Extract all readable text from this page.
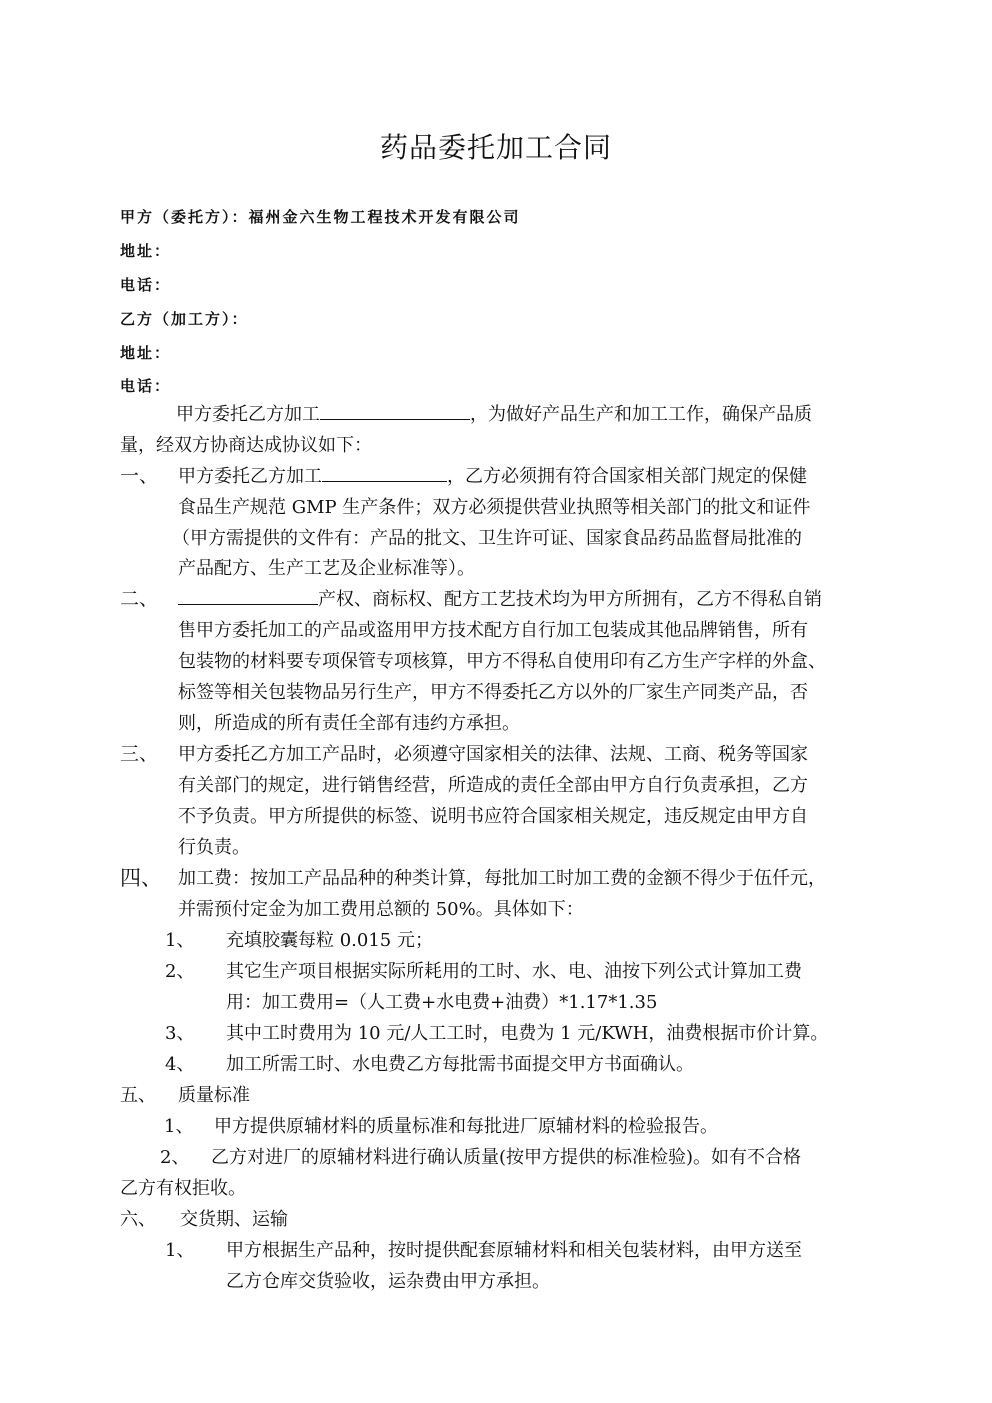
药品委托加工合同
甲方（委托方）：福州金六生物工程技术开发有限公司
地址：
电话：
乙方（加工方）：
地址：
电话：
甲方委托乙方加工	，为做好产品生产和加工工作，确保产品质
量，经双方协商达成协议如下：
一、 甲方委托乙方加工	，乙方必须拥有符合国家相关部门规定的保健
食品生产规范 GMP 生产条件；双方必须提供营业执照等相关部门的批文和证件
（甲方需提供的文件有：产品的批文、卫生许可证、国家食品药品监督局批准的
产品配方、生产工艺及企业标准等）。
二、	产权、商标权、配方工艺技术均为甲方所拥有，乙方不得私自销
售甲方委托加工的产品或盗用甲方技术配方自行加工包装成其他品牌销售，所有
包装物的材料要专项保管专项核算，甲方不得私自使用印有乙方生产字样的外盒、
标签等相关包装物品另行生产，甲方不得委托乙方以外的厂家生产同类产品，否
则，所造成的所有责任全部有违约方承担。
三、 甲方委托乙方加工产品时，必须遵守国家相关的法律、法规、工商、税务等国家
有关部门的规定，进行销售经营，所造成的责任全部由甲方自行负责承担，乙方
不予负责。甲方所提供的标签、说明书应符合国家相关规定，违反规定由甲方自
行负责。
四、 加工费：按加工产品品种的种类计算，每批加工时加工费的金额不得少于伍仟元，
并需预付定金为加工费用总额的 50%。具体如下：
1、 充填胶囊每粒 0.015 元；
2、 其它生产项目根据实际所耗用的工时、水、电、油按下列公式计算加工费
用：加工费用=（人工费+水电费+油费）*1.17*1.35
3、 其中工时费用为 10 元/人工工时，电费为 1 元/KWH，油费根据市价计算。
4、 加工所需工时、水电费乙方每批需书面提交甲方书面确认。
五、 质量标准
1、 甲方提供原辅材料的质量标准和每批进厂原辅材料的检验报告。
2、 乙方对进厂的原辅材料进行确认质量(按甲方提供的标准检验)。如有不合格
乙方有权拒收。
六、 交货期、运输
1、 甲方根据生产品种，按时提供配套原辅材料和相关包装材料，由甲方送至
乙方仓库交货验收，运杂费由甲方承担。
